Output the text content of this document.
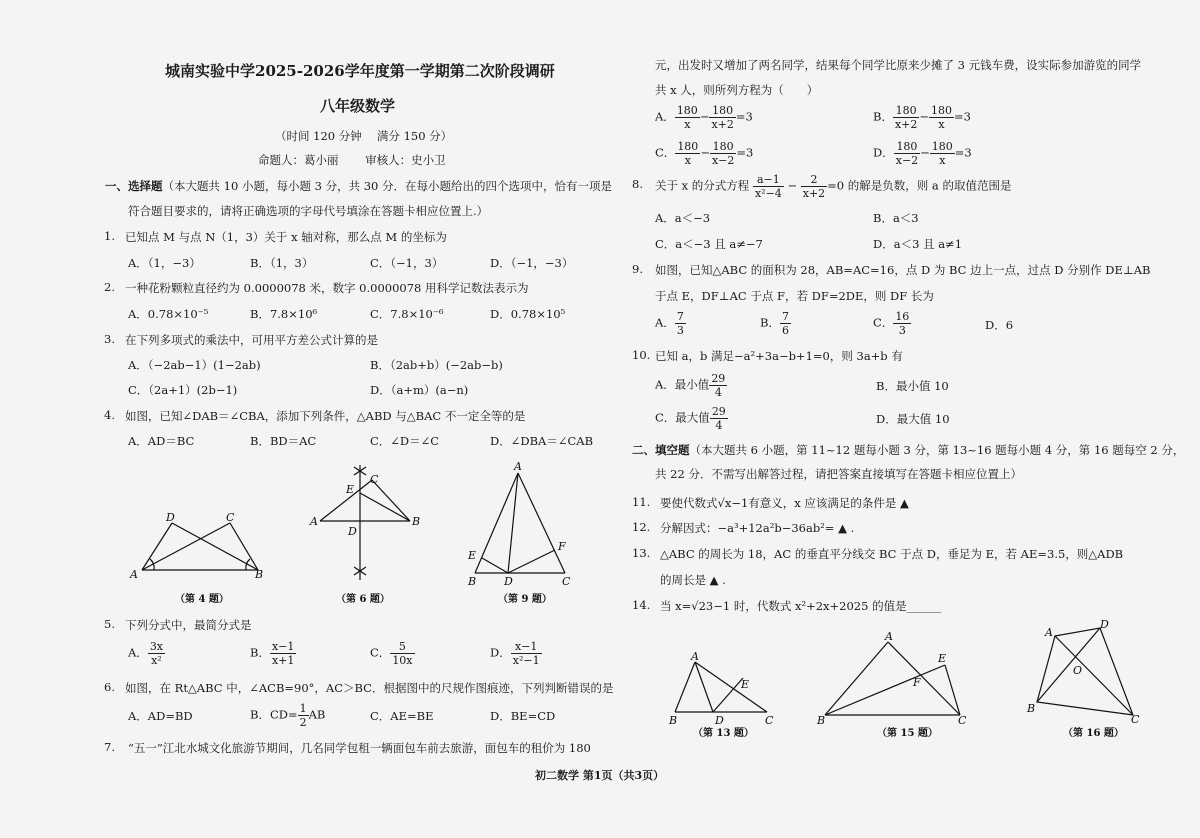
城南实验中学2025-2026学年度第一学期第二次阶段调研
八年级数学
（时间 120 分钟　 满分 150 分）
命题人：葛小丽　　 审核人：史小卫
一、选择题（本大题共 10 小题，每小题 3 分，共 30 分．在每小题给出的四个选项中，恰有一项是
符合题目要求的，请将正确选项的字母代号填涂在答题卡相应位置上.）
1. 已知点 M 与点 N（1，3）关于 x 轴对称，那么点 M 的坐标为
A．（1，−3）	B．（1，3）	C．（−1，3）	D．（−1，−3）
2. 一种花粉颗粒直径约为 0.0000078 米，数字 0.0000078 用科学记数法表示为
A．0.78×10⁻⁵	B．7.8×10⁶	C．7.8×10⁻⁶	D．0.78×10⁵
3. 在下列多项式的乘法中，可用平方差公式计算的是
A．（−2ab−1）(1−2ab)	B．（2ab+b）(−2ab−b)
C．（2a+1）(2b−1)	D．（a+m）(a−n)
4. 如图，已知∠DAB＝∠CBA，添加下列条件，△ABD 与△BAC 不一定全等的是
A．AD＝BC	B．BD＝AC	C．∠D＝∠C	D．∠DBA＝∠CAB
D	C
A	B
（第 4 题）
E
C
A	B
D
（第 6 题）
A
E
F
B	D	C
（第 9 题）
5. 下列分式中，最简分式是
A． $\frac{3x}{\text{x²}}$	B． $\frac{x-1}{x+1}$	C． $\frac{5}{10x}$	D． $\frac{x-1}{\text{x²−1}}$
6. 如图，在 Rt△ABC 中，∠ACB=90°，AC＞BC．根据图中的尺规作图痕迹，下列判断错误的是
A．AD=BD	B．$CD= \frac{1}{2}$ AB	C．AE=BE	D．BE=CD
7. “五一”江北水城文化旅游节期间，几名同学包租一辆面包车前去旅游，面包车的租价为 180
元，出发时又增加了两名同学，结果每个同学比原来少摊了 3 元钱车费，设实际参加游览的同学
共 x 人，则所列方程为（　　）
A． $\frac{180}{x} - \frac{180}{x+2} =3$	B． $\frac{180}{x+2} - \frac{180}{x} =3$
C． $\frac{180}{x} - \frac{180}{x-2} =3$	D． $\frac{180}{x-2} - \frac{180}{x} =3$
8. 关于 x 的分式方程 $\frac{a-1}{\text{x²−4}} - \frac{2}{x+2} =0$ 的解是负数，则 a 的取值范围是
A．a＜−3	B．a＜3
C．a＜−3 且 a≠−7	D．a＜3 且 a≠1
9. 如图，已知△ABC 的面积为 28，AB=AC=16，点 D 为 BC 边上一点，过点 D 分别作 DE⊥AB
于点 E，DF⊥AC 于点 F，若 DF=2DE，则 DF 长为
A． $\frac{7}{3}$	B． $\frac{7}{6}$	C． $\frac{16}{3}$	D．6
10. 已知 a，b 满足−a²+3a−b+1=0，则 3a+b 有
A．最小值 $\frac{29}{4}$	B．最小值 10
C．最大值 $\frac{29}{4}$	D．最大值 10
二、填空题（本大题共 6 小题，第 11~12 题每小题 3 分，第 13~16 题每小题 4 分，第 16 题每空 2 分，
共 22 分．不需写出解答过程，请把答案直接填写在答题卡相应位置上）
11. 要使代数式√x−1有意义，x 应该满足的条件是 ▲
12. 分解因式：−a³+12a²b−36ab²= ▲ .
13. △ABC 的周长为 18，AC 的垂直平分线交 BC 于点 D，垂足为 E，若 AE=3.5，则△ADB
的周长是 ▲ .
14. 当 x=√23−1 时，代数式 x²+2x+2025 的值是______
A
E
B	D	C
（第 13 题）
A
E
F
B	C
（第 15 题）
A
D
O
B
C
（第 16 题）
初二数学 第1页（共3页）
